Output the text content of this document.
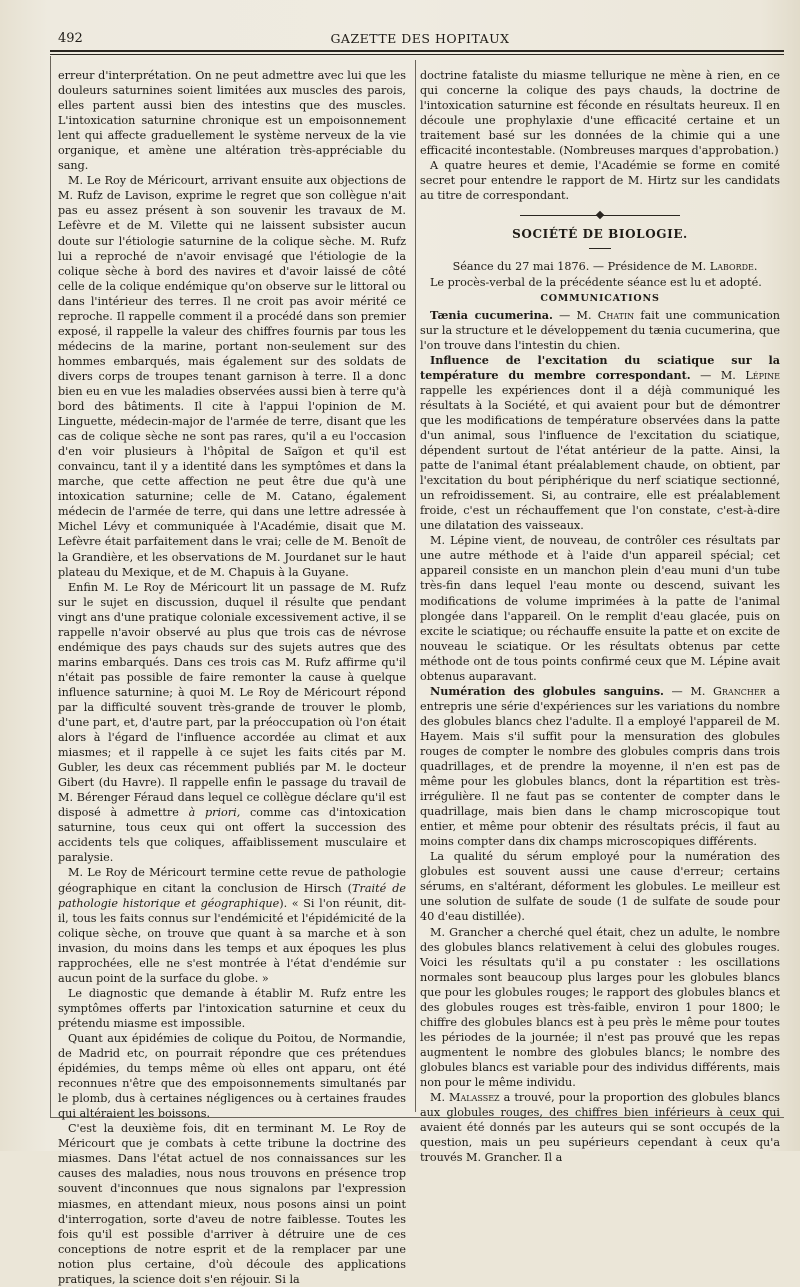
492	GAZETTE DES HOPITAUX

erreur d'interprétation. On ne peut admettre avec lui que les douleurs saturnines soient limitées aux muscles des parois, elles partent aussi bien des intestins que des muscles. L'intoxication saturnine chronique est un empoisonnement lent qui affecte graduellement le système nerveux de la vie organique, et amène une altération très-appréciable du sang.

M. Le Roy de Méricourt, arrivant ensuite aux objections de M. Rufz de Lavison, exprime le regret que son collègue n'ait pas eu assez présent à son souvenir les travaux de M. Lefèvre et de M. Vilette qui ne laissent subsister aucun doute sur l'étiologie saturnine de la colique sèche. M. Rufz lui a reproché de n'avoir envisagé que l'étiologie de la colique sèche à bord des navires et d'avoir laissé de côté celle de la colique endémique qu'on observe sur le littoral ou dans l'intérieur des terres. Il ne croit pas avoir mérité ce reproche. Il rappelle comment il a procédé dans son premier exposé, il rappelle la valeur des chiffres fournis par tous les médecins de la marine, portant non-seulement sur des hommes embarqués, mais également sur des soldats de divers corps de troupes tenant garnison à terre. Il a donc bien eu en vue les maladies observées aussi bien à terre qu'à bord des bâtiments. Il cite à l'appui l'opinion de M. Linguette, médecin-major de l'armée de terre, disant que les cas de colique sèche ne sont pas rares, qu'il a eu l'occasion d'en voir plusieurs à l'hôpital de Saïgon et qu'il est convaincu, tant il y a identité dans les symptômes et dans la marche, que cette affection ne peut être due qu'à une intoxication saturnine; celle de M. Catano, également médecin de l'armée de terre, qui dans une lettre adressée à Michel Lévy et communiquée à l'Académie, disait que M. Lefèvre était parfaitement dans le vrai; celle de M. Benoît de la Grandière, et les observations de M. Jourdanet sur le haut plateau du Mexique, et de M. Chapuis à la Guyane.

Enfin M. Le Roy de Méricourt lit un passage de M. Rufz sur le sujet en discussion, duquel il résulte que pendant vingt ans d'une pratique coloniale excessivement active, il se rappelle n'avoir observé au plus que trois cas de névrose endémique des pays chauds sur des sujets autres que des marins embarqués. Dans ces trois cas M. Rufz affirme qu'il n'était pas possible de faire remonter la cause à quelque influence saturnine; à quoi M. Le Roy de Méricourt répond par la difficulté souvent très-grande de trouver le plomb, d'une part, et, d'autre part, par la préoccupation où l'on était alors à l'égard de l'influence accordée au climat et aux miasmes; et il rappelle à ce sujet les faits cités par M. Gubler, les deux cas récemment publiés par M. le docteur Gibert (du Havre). Il rappelle enfin le passage du travail de M. Bérenger Féraud dans lequel ce collègue déclare qu'il est disposé à admettre à priori, comme cas d'intoxication saturnine, tous ceux qui ont offert la succession des accidents tels que coliques, affaiblissement musculaire et paralysie.

M. Le Roy de Méricourt termine cette revue de pathologie géographique en citant la conclusion de Hirsch (Traité de pathologie historique et géographique). « Si l'on réunit, dit-il, tous les faits connus sur l'endémicité et l'épidémicité de la colique sèche, on trouve que quant à sa marche et à son invasion, du moins dans les temps et aux époques les plus rapprochées, elle ne s'est montrée à l'état d'endémie sur aucun point de la surface du globe. »

Le diagnostic que demande à établir M. Rufz entre les symptômes offerts par l'intoxication saturnine et ceux du prétendu miasme est impossible.

Quant aux épidémies de colique du Poitou, de Normandie, de Madrid etc, on pourrait répondre que ces prétendues épidémies, du temps même où elles ont apparu, ont été reconnues n'être que des empoisonnements simultanés par le plomb, dus à certaines négligences ou à certaines fraudes qui altéraient les boissons.

C'est la deuxième fois, dit en terminant M. Le Roy de Méricourt que je combats à cette tribune la doctrine des miasmes. Dans l'état actuel de nos connaissances sur les causes des maladies, nous nous trouvons en présence trop souvent d'inconnues que nous signalons par l'expression miasmes, en attendant mieux, nous posons ainsi un point d'interrogation, sorte d'aveu de notre faiblesse. Toutes les fois qu'il est possible d'arriver à détruire une de ces conceptions de notre esprit et de la remplacer par une notion plus certaine, d'où découle des applications pratiques, la science doit s'en réjouir. Si la

doctrine fataliste du miasme tellurique ne mène à rien, en ce qui concerne la colique des pays chauds, la doctrine de l'intoxication saturnine est féconde en résultats heureux. Il en découle une prophylaxie d'une efficacité certaine et un traitement basé sur les données de la chimie qui a une efficacité incontestable. (Nombreuses marques d'approbation.)

A quatre heures et demie, l'Académie se forme en comité secret pour entendre le rapport de M. Hirtz sur les candidats au titre de correspondant.

SOCIÉTÉ DE BIOLOGIE.

Séance du 27 mai 1876. — Présidence de M. Laborde.

Le procès-verbal de la précédente séance est lu et adopté.

COMMUNICATIONS

Tænia cucumerina. — M. Chatin fait une communication sur la structure et le développement du tænia cucumerina, que l'on trouve dans l'intestin du chien.

Influence de l'excitation du sciatique sur la température du membre correspondant. — M. Lépine rappelle les expériences dont il a déjà communiqué les résultats à la Société, et qui avaient pour but de démontrer que les modifications de température observées dans la patte d'un animal, sous l'influence de l'excitation du sciatique, dépendent surtout de l'état antérieur de la patte. Ainsi, la patte de l'animal étant préalablement chaude, on obtient, par l'excitation du bout périphérique du nerf sciatique sectionné, un refroidissement. Si, au contraire, elle est préalablement froide, c'est un réchauffement que l'on constate, c'est-à-dire une dilatation des vaisseaux.

M. Lépine vient, de nouveau, de contrôler ces résultats par une autre méthode et à l'aide d'un appareil spécial; cet appareil consiste en un manchon plein d'eau muni d'un tube très-fin dans lequel l'eau monte ou descend, suivant les modifications de volume imprimées à la patte de l'animal plongée dans l'appareil. On le remplit d'eau glacée, puis on excite le sciatique; ou réchauffe ensuite la patte et on excite de nouveau le sciatique. Or les résultats obtenus par cette méthode ont de tous points confirmé ceux que M. Lépine avait obtenus auparavant.

Numération des globules sanguins. — M. Grancher a entrepris une série d'expériences sur les variations du nombre des globules blancs chez l'adulte. Il a employé l'appareil de M. Hayem. Mais s'il suffit pour la mensuration des globules rouges de compter le nombre des globules compris dans trois quadrillages, et de prendre la moyenne, il n'en est pas de même pour les globules blancs, dont la répartition est très-irrégulière. Il ne faut pas se contenter de compter dans le quadrillage, mais bien dans le champ microscopique tout entier, et même pour obtenir des résultats précis, il faut au moins compter dans dix champs microscopiques différents.

La qualité du sérum employé pour la numération des globules est souvent aussi une cause d'erreur; certains sérums, en s'altérant, déforment les globules. Le meilleur est une solution de sulfate de soude (1 de sulfate de soude pour 40 d'eau distillée).

M. Grancher a cherché quel était, chez un adulte, le nombre des globules blancs relativement à celui des globules rouges. Voici les résultats qu'il a pu constater : les oscillations normales sont beaucoup plus larges pour les globules blancs que pour les globules rouges; le rapport des globules blancs et des globules rouges est très-faible, environ 1 pour 1800; le chiffre des globules blancs est à peu près le même pour toutes les périodes de la journée; il n'est pas prouvé que les repas augmentent le nombre des globules blancs; le nombre des globules blancs est variable pour des individus différents, mais non pour le même individu.

M. Malassez a trouvé, pour la proportion des globules blancs aux globules rouges, des chiffres bien inférieurs à ceux qui avaient été donnés par les auteurs qui se sont occupés de la question, mais un peu supérieurs cependant à ceux qu'a trouvés M. Grancher. Il a
